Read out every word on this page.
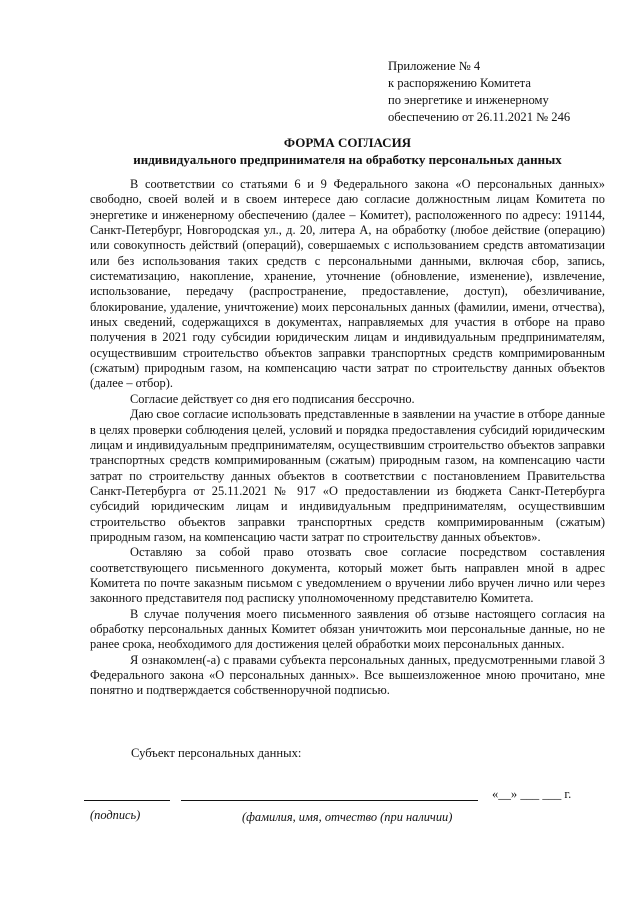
Приложение № 4
к распоряжению Комитета
по энергетике и инженерному
обеспечению от 26.11.2021 № 246
ФОРМА СОГЛАСИЯ
индивидуального предпринимателя на обработку персональных данных

В соответствии со статьями 6 и 9 Федерального закона «О персональных данных» свободно, своей волей и в своем интересе даю согласие должностным лицам Комитета по энергетике и инженерному обеспечению (далее – Комитет), расположенного по адресу: 191144, Санкт-Петербург, Новгородская ул., д. 20, литера А, на обработку (любое действие (операцию) или совокупность действий (операций), совершаемых с использованием средств автоматизации или без использования таких средств с персональными данными, включая сбор, запись, систематизацию, накопление, хранение, уточнение (обновление, изменение), извлечение, использование, передачу (распространение, предоставление, доступ), обезличивание, блокирование, удаление, уничтожение) моих персональных данных (фамилии, имени, отчества), иных сведений, содержащихся в документах, направляемых для участия в отборе на право получения в 2021 году субсидии юридическим лицам и индивидуальным предпринимателям, осуществившим строительство объектов заправки транспортных средств компримированным (сжатым) природным газом, на компенсацию части затрат по строительству данных объектов (далее – отбор).

Согласие действует со дня его подписания бессрочно.

Даю свое согласие использовать представленные в заявлении на участие в отборе данные в целях проверки соблюдения целей, условий и порядка предоставления субсидий юридическим лицам и индивидуальным предпринимателям, осуществившим строительство объектов заправки транспортных средств компримированным (сжатым) природным газом, на компенсацию части затрат по строительству данных объектов в соответствии с постановлением Правительства Санкт-Петербурга от 25.11.2021 № 917 «О предоставлении из бюджета Санкт-Петербурга субсидий юридическим лицам и индивидуальным предпринимателям, осуществившим строительство объектов заправки транспортных средств компримированным (сжатым) природным газом, на компенсацию части затрат по строительству данных объектов».

Оставляю за собой право отозвать свое согласие посредством составления соответствующего письменного документа, который может быть направлен мной в адрес Комитета по почте заказным письмом с уведомлением о вручении либо вручен лично или через законного представителя под расписку уполномоченному представителю Комитета.

В случае получения моего письменного заявления об отзыве настоящего согласия на обработку персональных данных Комитет обязан уничтожить мои персональные данные, но не ранее срока, необходимого для достижения целей обработки моих персональных данных.

Я ознакомлен(-а) с правами субъекта персональных данных, предусмотренными главой 3 Федерального закона «О персональных данных». Все вышеизложенное мною прочитано, мне понятно и подтверждается собственноручной подписью.

Субъект персональных данных:
«__» ___ ___ г.
(подпись)	(фамилия, имя, отчество (при наличии)
